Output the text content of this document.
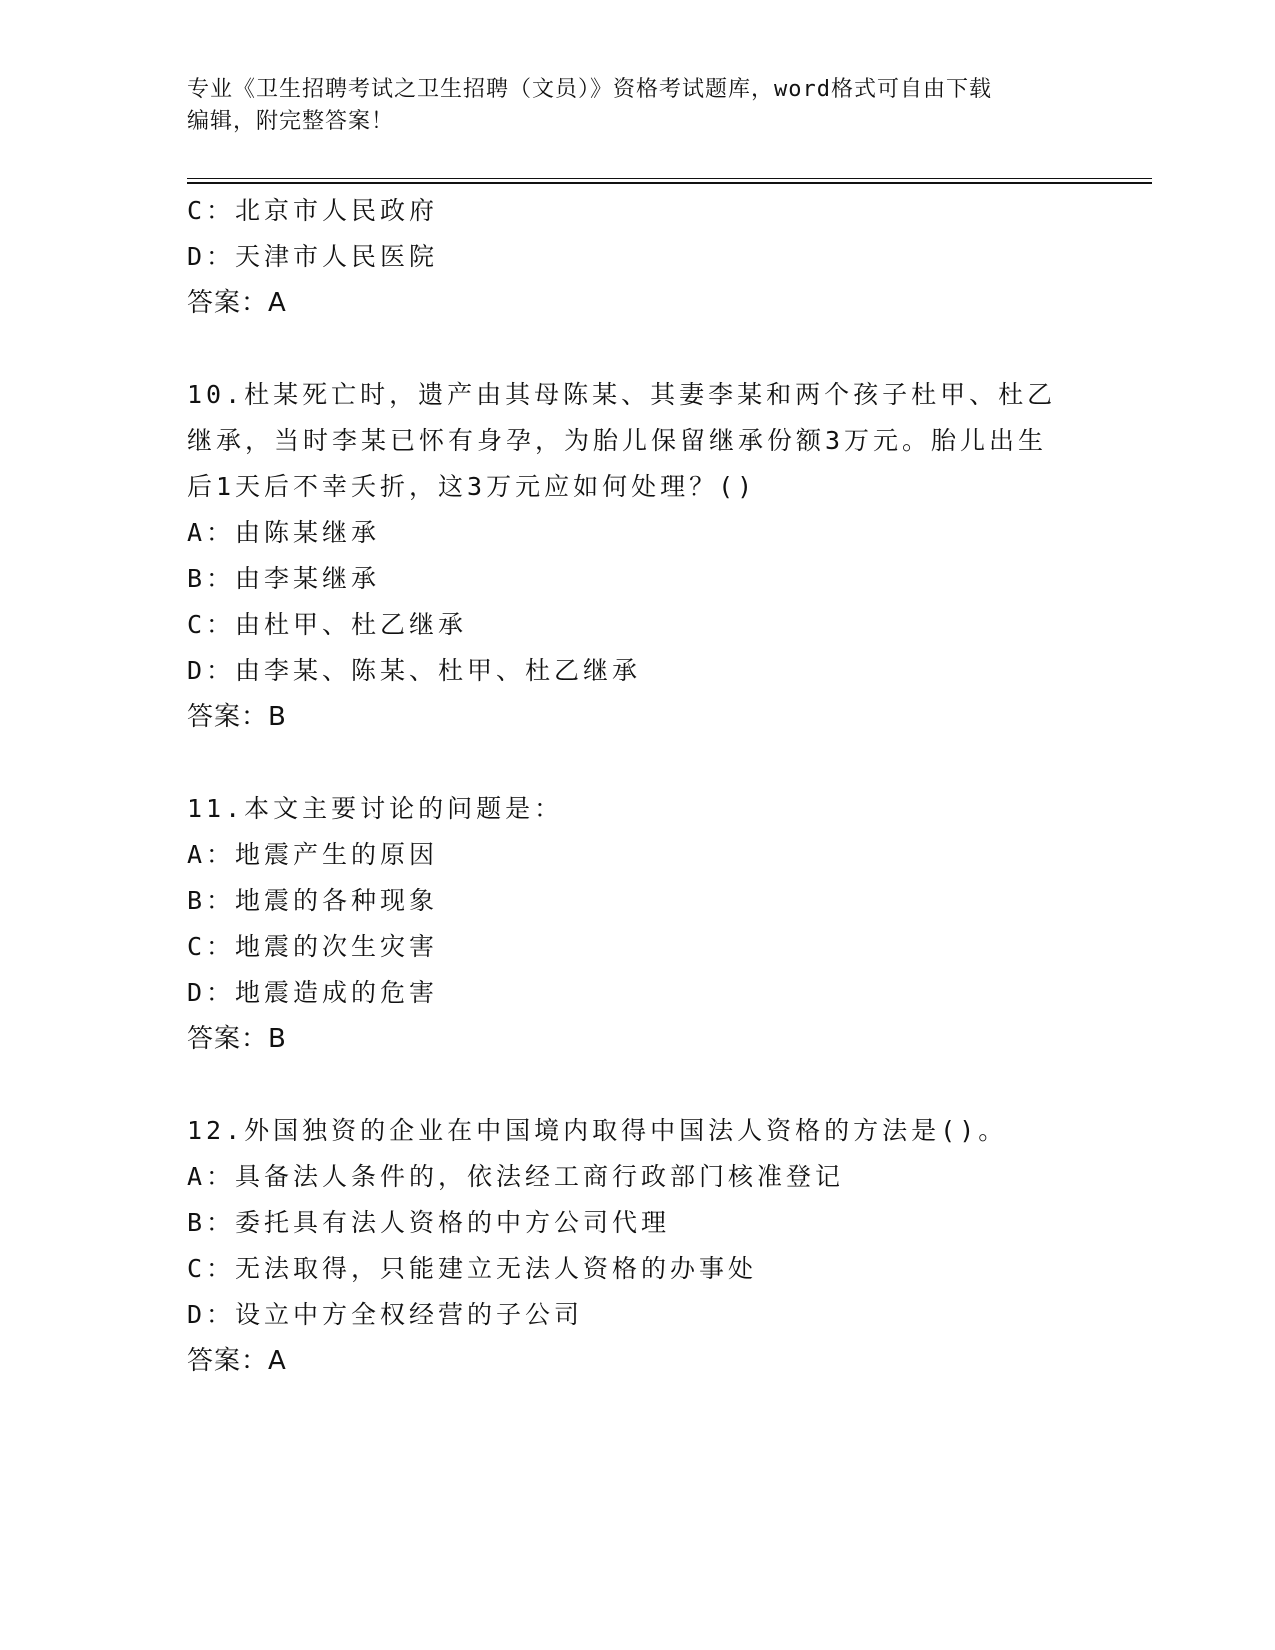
专业《卫生招聘考试之卫生招聘（文员）》资格考试题库，word格式可自由下载
编辑，附完整答案！
C：北京市人民政府
D：天津市人民医院
答案：A
10.杜某死亡时，遗产由其母陈某、其妻李某和两个孩子杜甲、杜乙继承，当时李某已怀有身孕，为胎儿保留继承份额3万元。胎儿出生后1天后不幸夭折，这3万元应如何处理？()
A：由陈某继承
B：由李某继承
C：由杜甲、杜乙继承
D：由李某、陈某、杜甲、杜乙继承
答案：B
11.本文主要讨论的问题是：
A：地震产生的原因
B：地震的各种现象
C：地震的次生灾害
D：地震造成的危害
答案：B
12.外国独资的企业在中国境内取得中国法人资格的方法是()。
A：具备法人条件的，依法经工商行政部门核准登记
B：委托具有法人资格的中方公司代理
C：无法取得，只能建立无法人资格的办事处
D：设立中方全权经营的子公司
答案：A
